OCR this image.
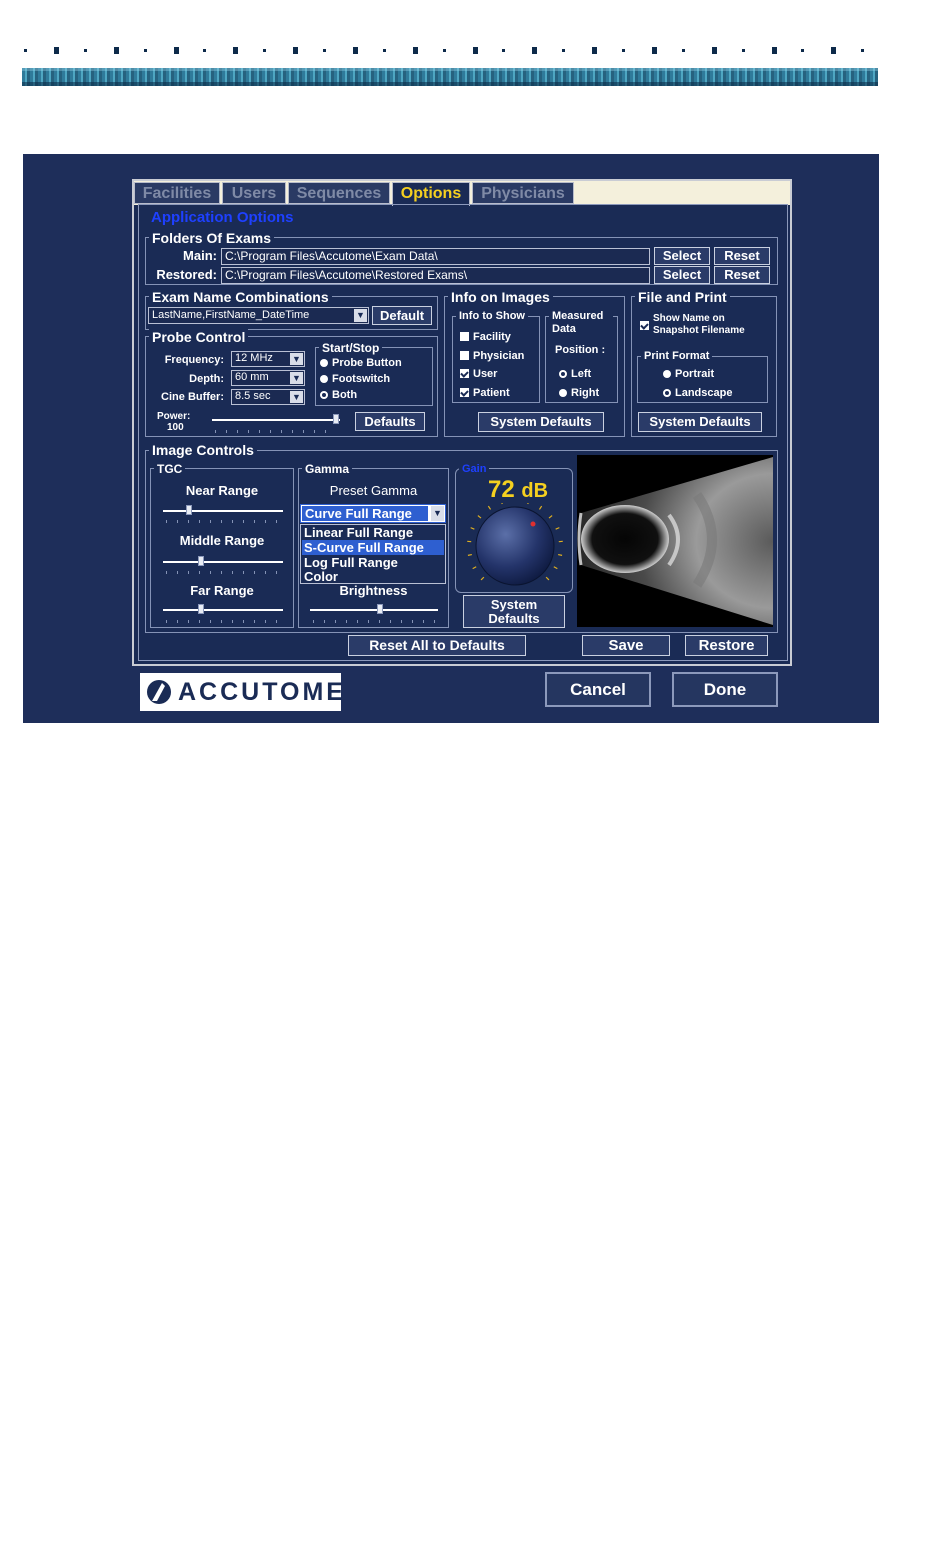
Facilities	Users	Sequences	Options	Physicians
Application Options
Folders Of Exams
Main: C:\Program Files\Accutome\Exam Data\	Select	Reset
Restored: C:\Program Files\Accutome\Restored Exams\	Select	Reset
Exam Name Combinations
LastName,FirstName_DateTime	▼	Default
Probe Control
Frequency:	12 MHz ▼
Depth:	60 mm	▼
Cine Buffer:	8.5 sec ▼
Start/Stop
Probe Button
Footswitch
Both
Power:
100	Defaults
Info on Images
Info to Show
Facility
Physician
User
Patient
Measured Data
Position :
Left
Right
System Defaults
File and Print
Show Name on
Snapshot Filename
Print Format
Portrait
Landscape
System Defaults
Image Controls
TGC
Near Range
Middle Range
Far Range
Gamma
Preset Gamma
Curve Full Range	▼
Linear Full Range
S-Curve Full Range
Log Full Range
Color
Brightness
Gain
72 dB
System
Defaults
Reset All to Defaults	Save	Restore
ACCUTOME	Cancel	Done
